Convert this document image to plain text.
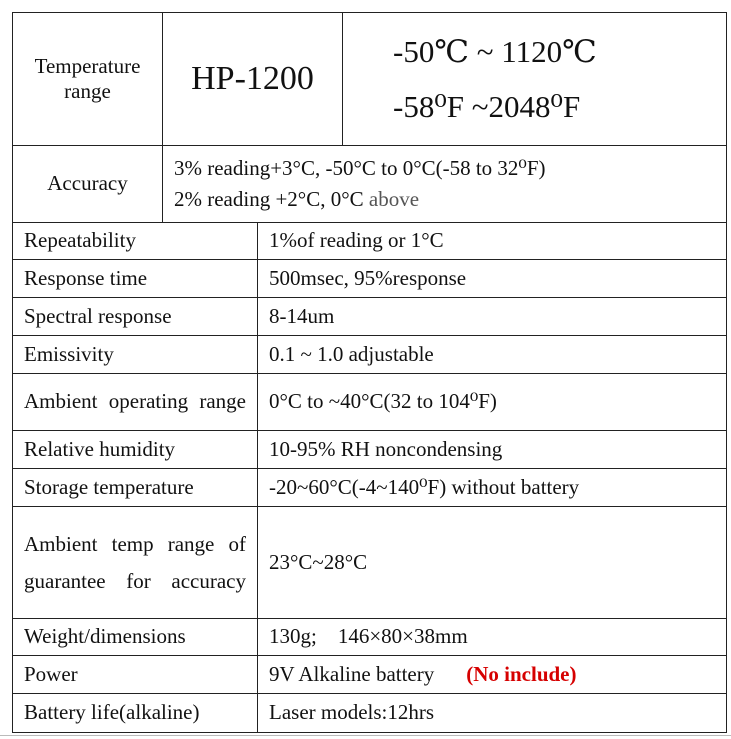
Temperature range	HP-1200		-50℃ ~ 1120℃
-58⁰F ~2048⁰F

Accuracy	3% reading+3°C, -50°C to 0°C(-58 to 32⁰F)
2% reading +2°C, 0°C above		

Repeatability		1%of reading or 1°C	
Response time		500msec, 95%response	
Spectral response		8-14um	
Emissivity		0.1 ~ 1.0 adjustable	
Ambient operating range		0°C to ~40°C(32 to 104⁰F)	
Relative humidity		10-95% RH noncondensing	
Storage temperature		-20~60°C(-4~140⁰F) without battery	
Ambient temp range of guarantee for accuracy		23°C~28°C	
Weight/dimensions		130g;    146×80×38mm	
Power		9V Alkaline battery (No include)	
Battery life(alkaline)		Laser models:12hrs	
